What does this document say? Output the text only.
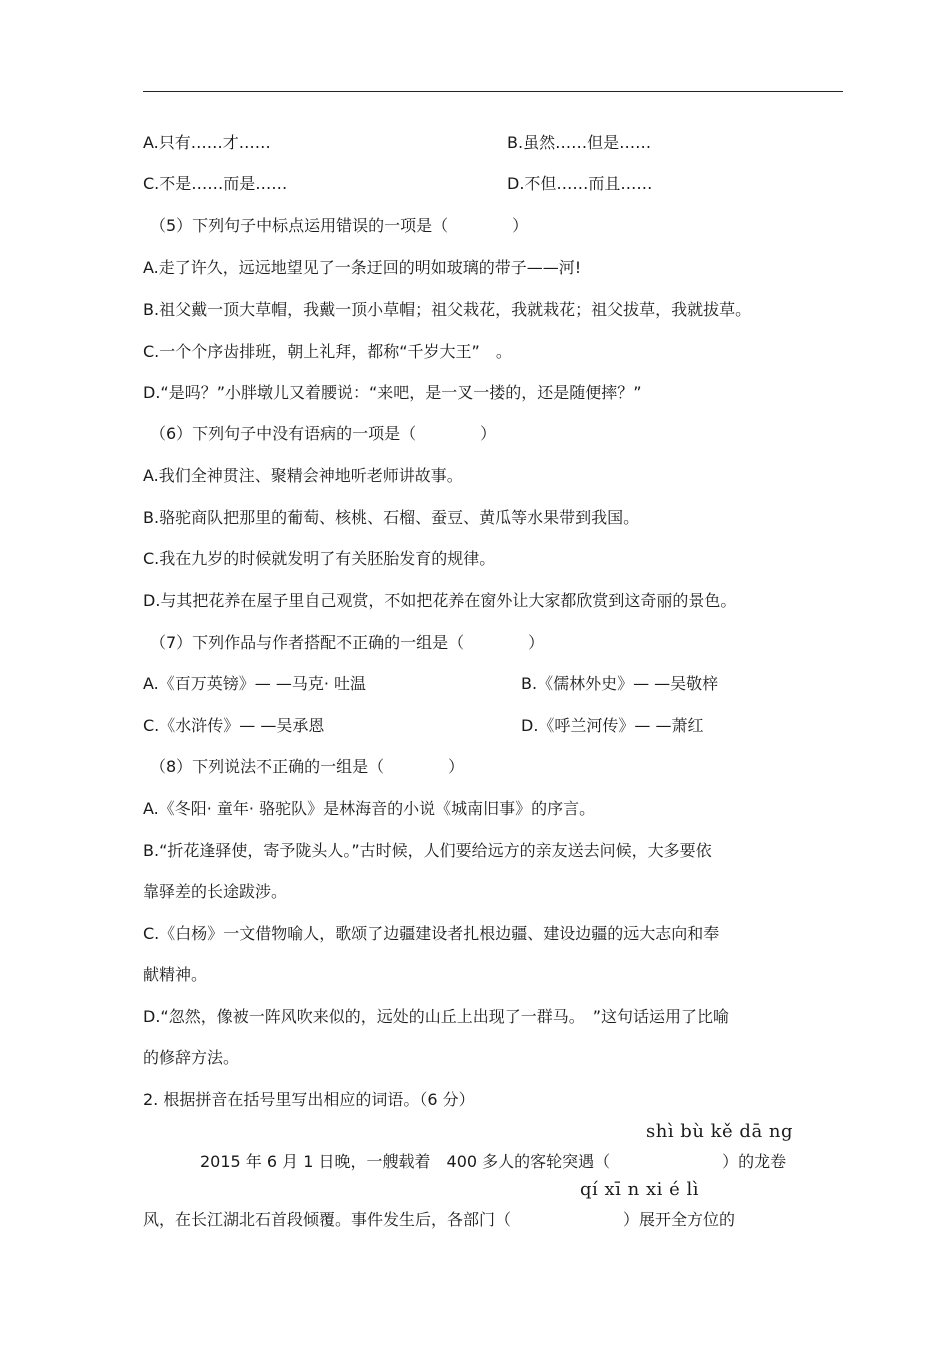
A.只有……才……	B.虽然……但是……
C.不是……而是……	D.不但……而且……
（5）下列句子中标点运用错误的一项是（　　　　）
A.走了许久，远远地望见了一条迂回的明如玻璃的带子——河!
B.祖父戴一顶大草帽，我戴一顶小草帽；祖父栽花，我就栽花；祖父拔草，我就拔草。
C.一个个序齿排班，朝上礼拜，都称“千岁大王”　。
D.“是吗？”小胖墩儿又着腰说：“来吧，是一叉一搂的，还是随便摔？”
（6）下列句子中没有语病的一项是（　　　　）
A.我们全神贯注、聚精会神地听老师讲故事。
B.骆驼商队把那里的葡萄、核桃、石榴、蚕豆、黄瓜等水果带到我国。
C.我在九岁的时候就发明了有关胚胎发育的规律。
D.与其把花养在屋子里自己观赏，不如把花养在窗外让大家都欣赏到这奇丽的景色。
（7）下列作品与作者搭配不正确的一组是（　　　　）
A.《百万英镑》— —马克· 吐温	B.《儒林外史》— —吴敬梓
C.《水浒传》— —吴承恩	D.《呼兰河传》— —萧红
（8）下列说法不正确的一组是（　　　　）
A.《冬阳· 童年· 骆驼队》是林海音的小说《城南旧事》的序言。
B.“折花逢驿使，寄予陇头人。”古时候，人们要给远方的亲友送去问候，大多要依
靠驿差的长途跋涉。
C.《白杨》一文借物喻人，歌颂了边疆建设者扎根边疆、建设边疆的远大志向和奉
献精神。
D.“忽然，像被一阵风吹来似的，远处的山丘上出现了一群马。　”这句话运用了比喻
的修辞方法。
2. 根据拼音在括号里写出相应的词语。（6 分）
shì bù kě dā ng
2015 年 6 月 1 日晚，一艘载着　400 多人的客轮突遇（　　　　　　　）的龙卷
qí xī n xi é lì
风，在长江湖北石首段倾覆。事件发生后，各部门（　　　　　　　）展开全方位的
